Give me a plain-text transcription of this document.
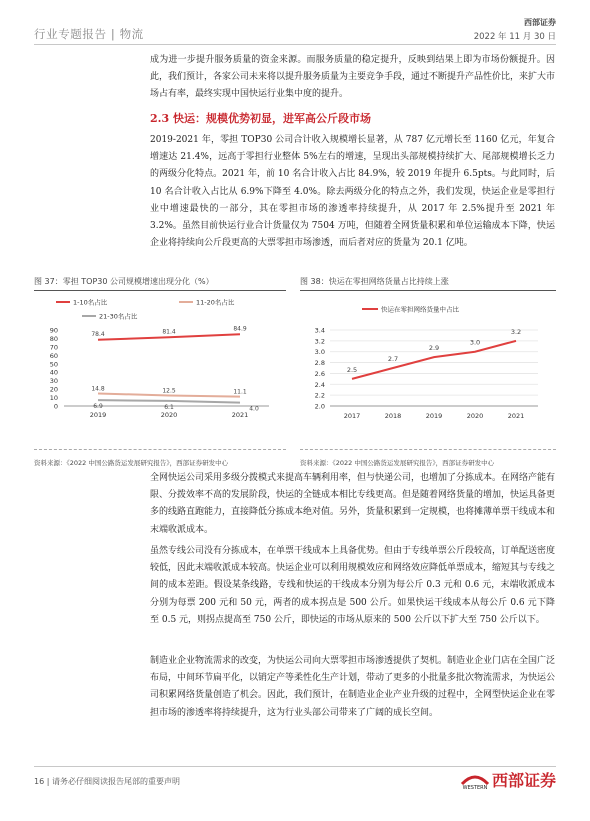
行业专题报告 | 物流
西部证券
2022 年 11 月 30 日
成为进一步提升服务质量的资金来源。而服务质量的稳定提升，反映到结果上即为市场份额提升。因此，我们预计，各家公司未来将以提升服务质量为主要竞争手段，通过不断提升产品性价比，来扩大市场占有率，最终实现中国快运行业集中度的提升。
2.3 快运：规模优势初显，进军高公斤段市场
2019-2021 年，零担 TOP30 公司合计收入规模增长显著，从 787 亿元增长至 1160 亿元，年复合增速达 21.4%，远高于零担行业整体 5%左右的增速，呈现出头部规模持续扩大、尾部规模增长乏力的两级分化特点。2021 年，前 10 名合计收入占比 84.9%，较 2019 年提升 6.5pts。与此同时，后 10 名合计收入占比从 6.9%下降至 4.0%。除去两级分化的特点之外，我们发现，快运企业是零担行业中增速最快的一部分，其在零担市场的渗透率持续提升，从 2017 年 2.5%提升至 2021 年 3.2%。虽然目前快运行业合计货量仅为 7504 万吨，但随着全网货量积累和单位运输成本下降，快运企业将持续向公斤段更高的大票零担市场渗透，而后者对应的货量为 20.1 亿吨。
图 37：零担 TOP30 公司规模增速出现分化（%）
1-10名占比	11-20名占比
21-30名占比
0
10
20
30
40
50
60
70
80
90
2019	2020	2021
78.4	81.4	84.9
14.8	12.5	11.1
6.9	6.1	4.0
资料来源：《2022 中国公路货运发展研究报告》，西部证券研发中心
图 38：快运在零担网络货量占比持续上涨
快运在零担网络货量中占比
2.0
2.2
2.4
2.6
2.8
3.0
3.2
3.4
2017	2018	2019	2020	2021
2.5
2.7
2.9
3.0
3.2
资料来源：《2022 中国公路货运发展研究报告》，西部证券研发中心
全网快运公司采用多级分拨模式来提高车辆利用率，但与快递公司，也增加了分拣成本。在网络产能有限、分拨效率不高的发展阶段，快运的全链成本相比专线更高。但是随着网络货量的增加，快运具备更多的线路直跑能力，直接降低分拣成本绝对值。另外，货量积累到一定规模，也将摊薄单票干线成本和末端收派成本。
虽然专线公司没有分拣成本，在单票干线成本上具备优势。但由于专线单票公斤段较高，订单配送密度较低，因此末端收派成本较高。快运企业可以利用规模效应和网络效应降低单票成本，缩短其与专线之间的成本差距。假设某条线路，专线和快运的干线成本分别为每公斤 0.3 元和 0.6 元，末端收派成本分别为每票 200 元和 50 元，两者的成本拐点是 500 公斤。如果快运干线成本从每公斤 0.6 元下降至 0.5 元，则拐点提高至 750 公斤，即快运的市场从原来的 500 公斤以下扩大至 750 公斤以下。
制造业企业物流需求的改变，为快运公司向大票零担市场渗透提供了契机。制造业企业门店在全国广泛布局，中间环节扁平化，以销定产等柔性化生产计划，带动了更多的小批量多批次物流需求，为快运公司积累网络货量创造了机会。因此，我们预计，在制造业企业产业升级的过程中，全网型快运企业在零担市场的渗透率将持续提升，这为行业头部公司带来了广阔的成长空间。
16 | 请务必仔细阅读报告尾部的重要声明
WESTERN 西部证券
